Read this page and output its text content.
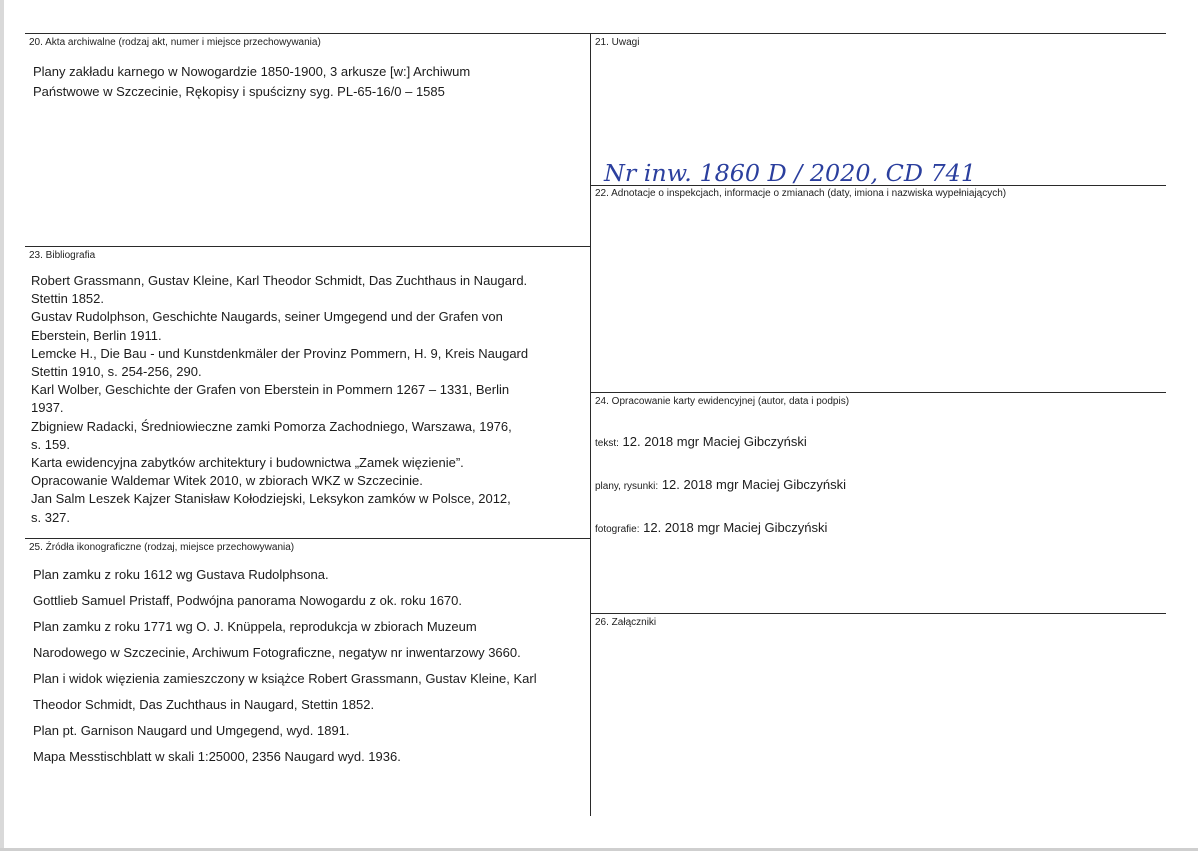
20. Akta archiwalne (rodzaj akt, numer i miejsce przechowywania)	21. Uwagi
22. Adnotacje o inspekcjach, informacje o zmianach (daty, imiona i nazwiska wypełniających)
23. Bibliografia
24. Opracowanie karty ewidencyjnej (autor, data i podpis)
25. Źródła ikonograficzne (rodzaj, miejsce przechowywania)
26. Załączniki

Plany zakładu karnego w Nowogardzie 1850-1900, 3 arkusze [w:] Archiwum

Państwowe w Szczecinie, Rękopisy i spuścizny syg. PL-65-16/0 – 1585

Nr inw. 1860 D / 2020, CD 741

Robert Grassmann, Gustav Kleine, Karl Theodor Schmidt, Das Zuchthaus in Naugard.

Stettin 1852.

Gustav Rudolphson, Geschichte Naugards, seiner Umgegend und der Grafen von

Eberstein, Berlin 1911.

Lemcke H., Die Bau - und Kunstdenkmäler der Provinz Pommern, H. 9, Kreis Naugard

Stettin 1910, s. 254-256, 290.

Karl Wolber, Geschichte der Grafen von Eberstein in Pommern 1267 – 1331, Berlin

1937.

Zbigniew Radacki, Średniowieczne zamki Pomorza Zachodniego, Warszawa, 1976,

s. 159.

Karta ewidencyjna zabytków architektury i budownictwa „Zamek więzienie”.

Opracowanie Waldemar Witek 2010, w zbiorach WKZ w Szczecinie.

Jan Salm Leszek Kajzer Stanisław Kołodziejski, Leksykon zamków w Polsce, 2012,

s. 327.

tekst: 12. 2018 mgr Maciej Gibczyński
plany, rysunki: 12. 2018 mgr Maciej Gibczyński
fotografie: 12. 2018 mgr Maciej Gibczyński

Plan zamku z roku 1612 wg Gustava Rudolphsona.

Gottlieb Samuel Pristaff, Podwójna panorama Nowogardu z ok. roku 1670.

Plan zamku z roku 1771 wg O. J. Knüppela, reprodukcja w zbiorach Muzeum

Narodowego w Szczecinie, Archiwum Fotograficzne, negatyw nr inwentarzowy 3660.

Plan i widok więzienia zamieszczony w książce Robert Grassmann, Gustav Kleine, Karl

Theodor Schmidt, Das Zuchthaus in Naugard, Stettin 1852.

Plan pt. Garnison Naugard und Umgegend, wyd. 1891.

Mapa Messtischblatt w skali 1:25000, 2356 Naugard wyd. 1936.
